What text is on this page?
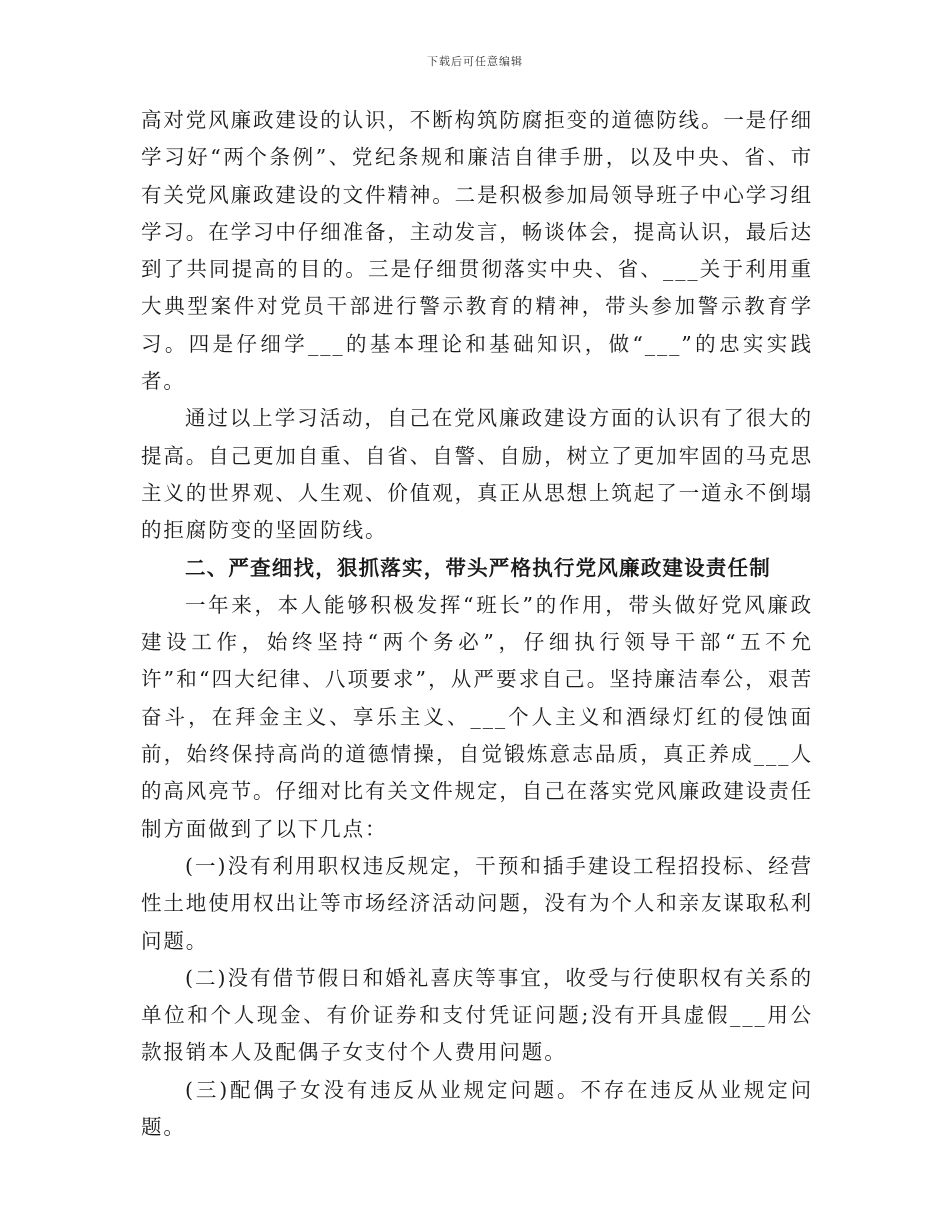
下载后可任意编辑

高对党风廉政建设的认识，不断构筑防腐拒变的道德防线。一是仔细学习好“两个条例”、党纪条规和廉洁自律手册，以及中央、省、市有关党风廉政建设的文件精神。二是积极参加局领导班子中心学习组学习。在学习中仔细准备，主动发言，畅谈体会，提高认识，最后达到了共同提高的目的。三是仔细贯彻落实中央、省、___关于利用重大典型案件对党员干部进行警示教育的精神，带头参加警示教育学习。四是仔细学___的基本理论和基础知识，做“___”的忠实实践者。

通过以上学习活动，自己在党风廉政建设方面的认识有了很大的提高。自己更加自重、自省、自警、自励，树立了更加牢固的马克思主义的世界观、人生观、价值观，真正从思想上筑起了一道永不倒塌的拒腐防变的坚固防线。

二、严查细找，狠抓落实，带头严格执行党风廉政建设责任制

一年来，本人能够积极发挥“班长”的作用，带头做好党风廉政建设工作，始终坚持“两个务必”，仔细执行领导干部“五不允许”和“四大纪律、八项要求”，从严要求自己。坚持廉洁奉公，艰苦奋斗，在拜金主义、享乐主义、___个人主义和酒绿灯红的侵蚀面前，始终保持高尚的道德情操，自觉锻炼意志品质，真正养成___人的高风亮节。仔细对比有关文件规定，自己在落实党风廉政建设责任制方面做到了以下几点：

(一)没有利用职权违反规定，干预和插手建设工程招投标、经营性土地使用权出让等市场经济活动问题，没有为个人和亲友谋取私利问题。

(二)没有借节假日和婚礼喜庆等事宜，收受与行使职权有关系的单位和个人现金、有价证券和支付凭证问题;没有开具虚假___用公款报销本人及配偶子女支付个人费用问题。

(三)配偶子女没有违反从业规定问题。不存在违反从业规定问题。
